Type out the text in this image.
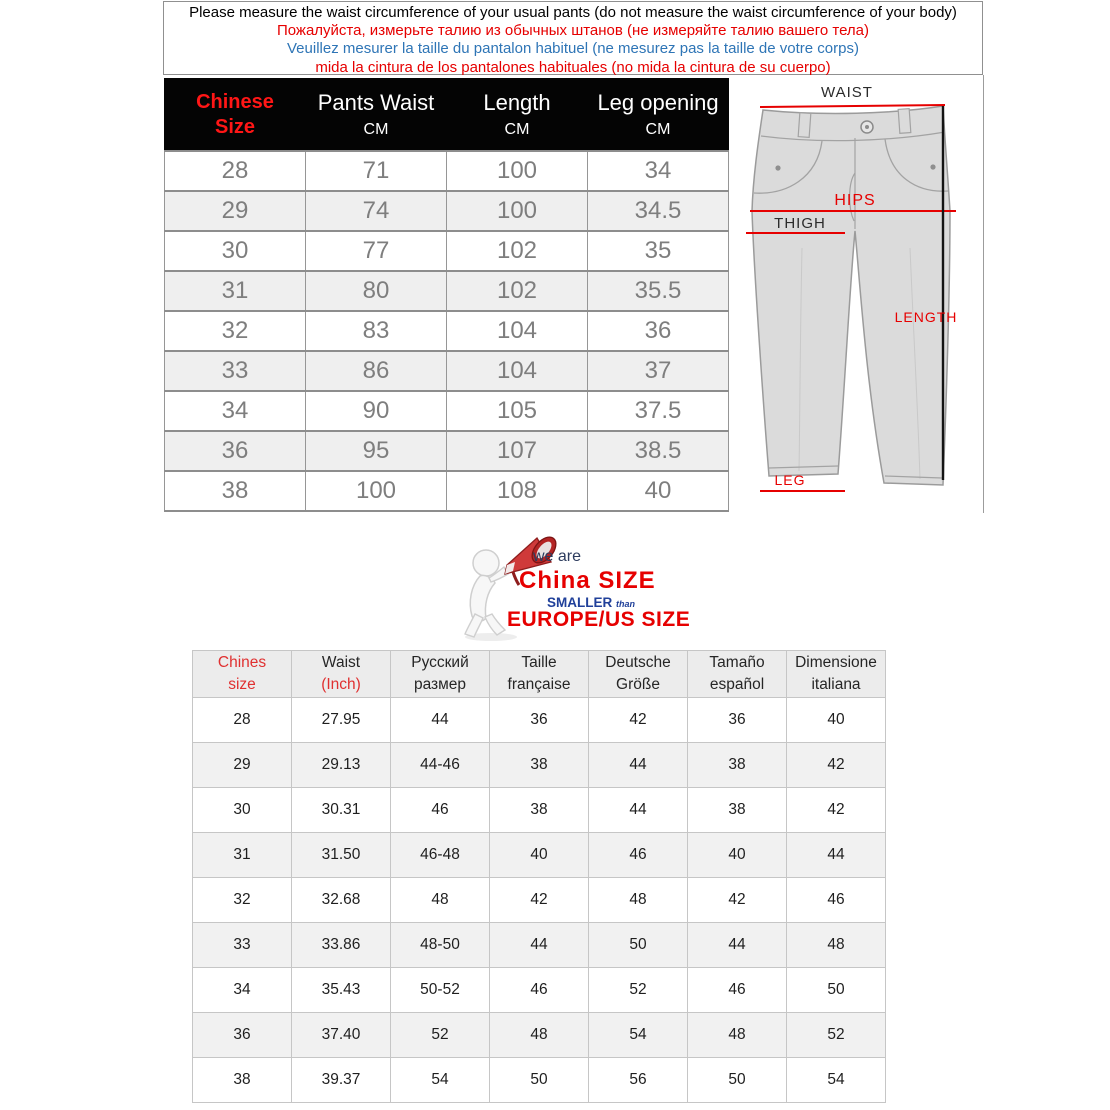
Please measure the waist circumference of your usual pants (do not measure the waist circumference of your body)
Пожалуйста, измерьте талию из обычных штанов (не измеряйте талию вашего тела)
Veuillez mesurer la taille du pantalon habituel (ne mesurez pas la taille de votre corps)
mida la cintura de los pantalones habituales (no mida la cintura de su cuerpo)
Chinese
Size

Pants Waist
CM

Length
CM

Leg opening
CM

28	71	100	34
29	74	100	34.5
30	77	102	35
31	80	102	35.5
32	83	104	36
33	86	104	37
34	90	105	37.5
36	95	107	38.5
38	100	108	40
WAIST
HIPS
THIGH
LENGTH
LEG
we are
China SIZE
SMALLER than
EUROPE/US SIZE
Chines
size

Waist
(Inch)

Русский
размер

Taille
française

Deutsche
Größe

Tamaño
español

Dimensione
italiana

28	27.95	44	36	42	36	40
29	29.13	44-46	38	44	38	42
30	30.31	46	38	44	38	42
31	31.50	46-48	40	46	40	44
32	32.68	48	42	48	42	46
33	33.86	48-50	44	50	44	48
34	35.43	50-52	46	52	46	50
36	37.40	52	48	54	48	52
38	39.37	54	50	56	50	54
